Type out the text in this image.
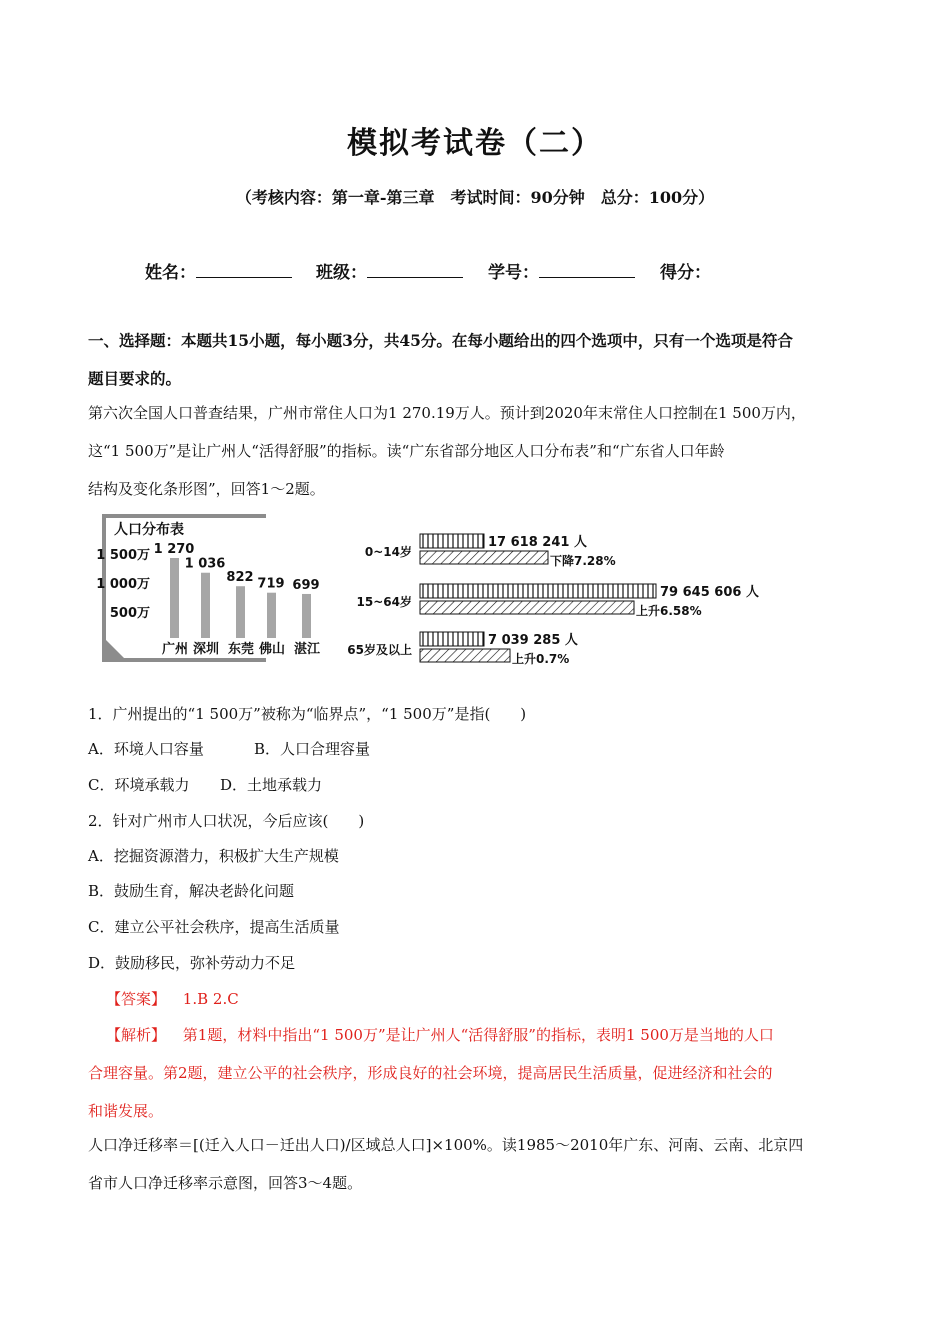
模拟考试卷（二）
（考核内容：第一章-第三章　考试时间：90分钟　总分：100分）
姓名：	班级：	学号：	得分：
一、选择题：本题共15小题，每小题3分，共45分。在每小题给出的四个选项中，只有一个选项是符合
题目要求的。
第六次全国人口普查结果，广州市常住人口为1 270.19万人。预计到2020年末常住人口控制在1 500万内，
这“1 500万”是让广州人“活得舒服”的指标。读“广东省部分地区人口分布表”和“广东省人口年龄
结构及变化条形图”，回答1～2题。
人口分布表
1 500万
1 000万
500万
1 270
广州
1 036
深圳
822
东莞
719
佛山
699
湛江
0~14岁
17 618 241 人
下降7.28%
15~64岁
79 645 606 人
上升6.58%
65岁及以上
7 039 285 人
上升0.7%
1．广州提出的“1 500万”被称为“临界点”，“1 500万”是指(　　)
A．环境人口容量	B．人口合理容量
C．环境承载力 D．土地承载力
2．针对广州市人口状况，今后应该(　　)
A．挖掘资源潜力，积极扩大生产规模
B．鼓励生育，解决老龄化问题
C．建立公平社会秩序，提高生活质量
D．鼓励移民，弥补劳动力不足
【答案】 1.B 2.C
【解析】 第1题，材料中指出“1 500万”是让广州人“活得舒服”的指标，表明1 500万是当地的人口
合理容量。第2题，建立公平的社会秩序，形成良好的社会环境，提高居民生活质量，促进经济和社会的
和谐发展。
人口净迁移率＝[(迁入人口－迁出人口)/区域总人口]×100%。读1985～2010年广东、河南、云南、北京四
省市人口净迁移率示意图，回答3～4题。
